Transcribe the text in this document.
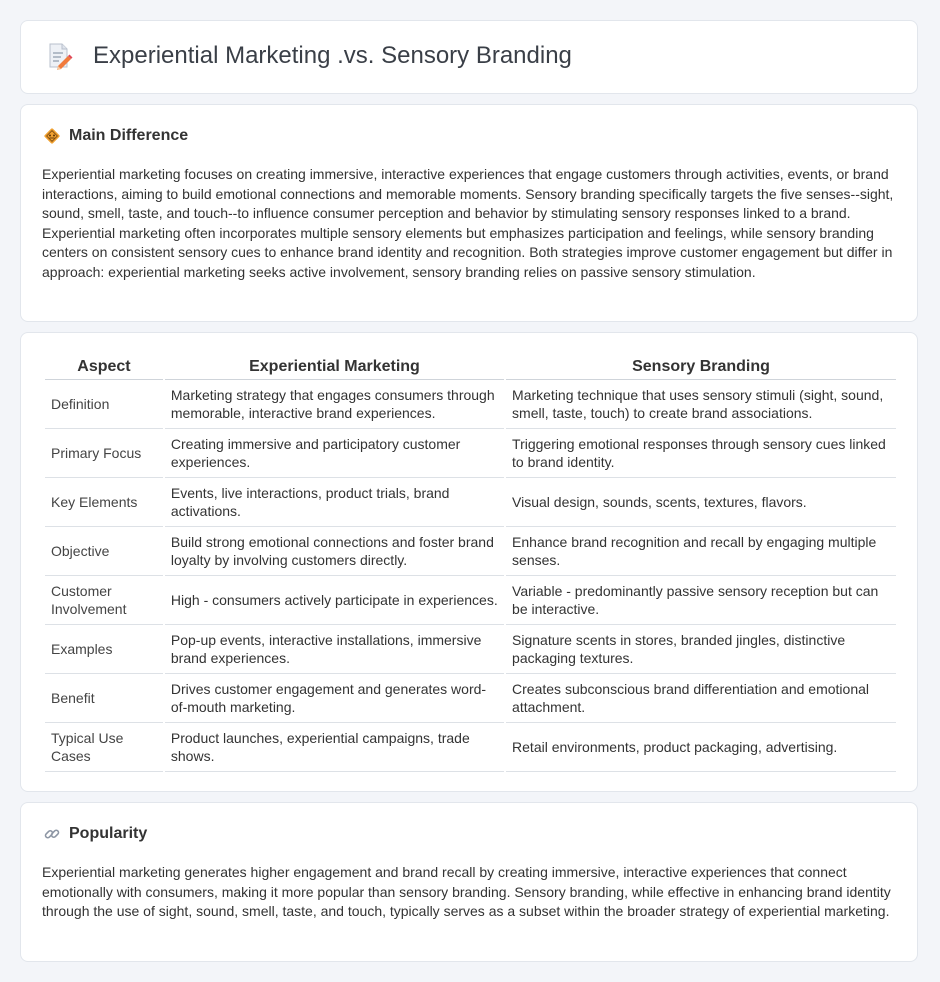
Experiential Marketing .vs. Sensory Branding
Main Difference
Experiential marketing focuses on creating immersive, interactive experiences that engage customers through activities, events, or brand interactions, aiming to build emotional connections and memorable moments. Sensory branding specifically targets the five senses--sight, sound, smell, taste, and touch--to influence consumer perception and behavior by stimulating sensory responses linked to a brand. Experiential marketing often incorporates multiple sensory elements but emphasizes participation and feelings, while sensory branding centers on consistent sensory cues to enhance brand identity and recognition. Both strategies improve customer engagement but differ in approach: experiential marketing seeks active involvement, sensory branding relies on passive sensory stimulation.
Aspect	Experiential Marketing	Sensory Branding
Definition	Marketing strategy that engages consumers through memorable, interactive brand experiences.	Marketing technique that uses sensory stimuli (sight, sound, smell, taste, touch) to create brand associations.
Primary Focus	Creating immersive and participatory customer experiences.	Triggering emotional responses through sensory cues linked to brand identity.
Key Elements	Events, live interactions, product trials, brand activations.	Visual design, sounds, scents, textures, flavors.
Objective	Build strong emotional connections and foster brand loyalty by involving customers directly.	Enhance brand recognition and recall by engaging multiple senses.
Customer Involvement	High - consumers actively participate in experiences.	Variable - predominantly passive sensory reception but can be interactive.
Examples	Pop-up events, interactive installations, immersive brand experiences.	Signature scents in stores, branded jingles, distinctive packaging textures.
Benefit	Drives customer engagement and generates word-of-mouth marketing.	Creates subconscious brand differentiation and emotional attachment.
Typical Use Cases	Product launches, experiential campaigns, trade shows.	Retail environments, product packaging, advertising.
Popularity
Experiential marketing generates higher engagement and brand recall by creating immersive, interactive experiences that connect emotionally with consumers, making it more popular than sensory branding. Sensory branding, while effective in enhancing brand identity through the use of sight, sound, smell, taste, and touch, typically serves as a subset within the broader strategy of experiential marketing.
